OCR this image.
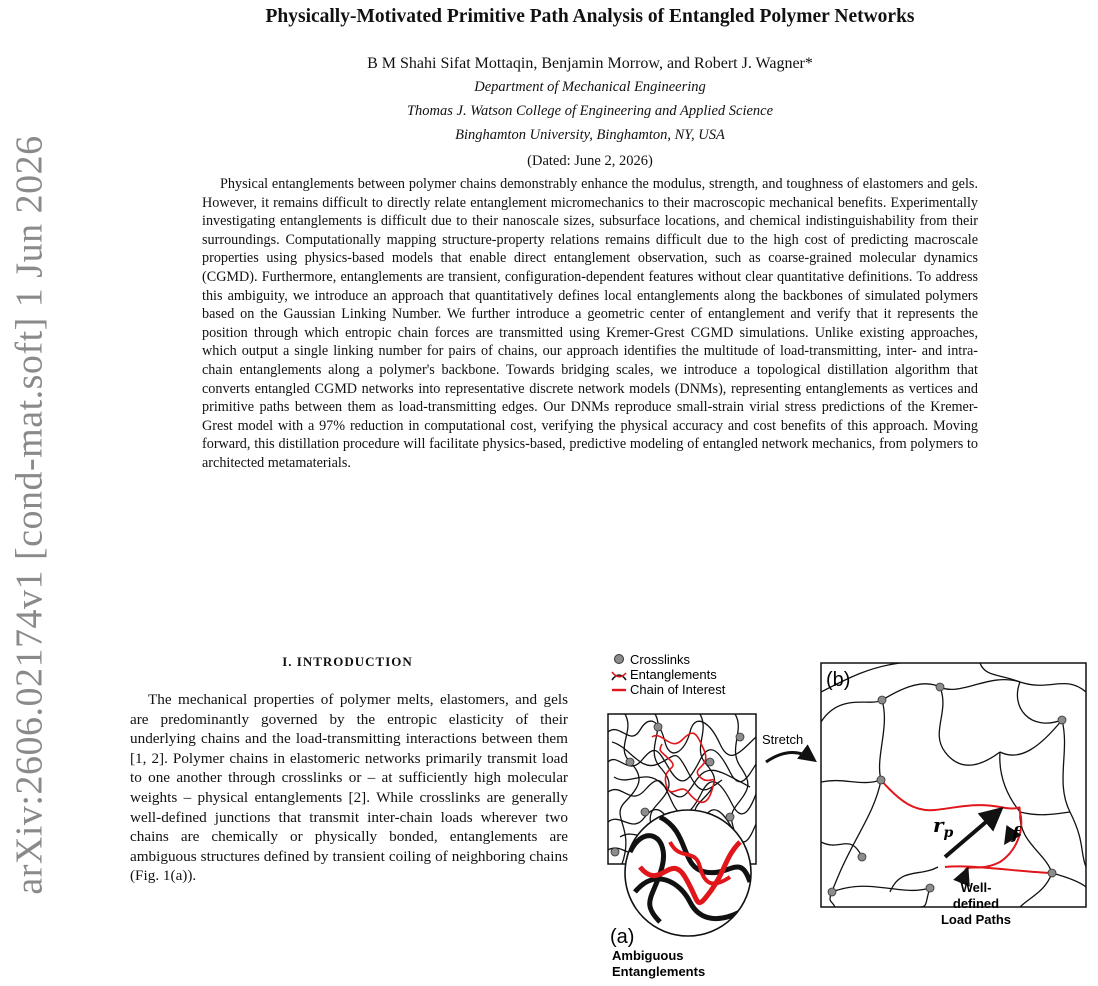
arXiv:2606.02174v1 [cond-mat.soft] 1 Jun 2026
Physically-Motivated Primitive Path Analysis of Entangled Polymer Networks
B M Shahi Sifat Mottaqin, Benjamin Morrow, and Robert J. Wagner*
Department of Mechanical Engineering
Thomas J. Watson College of Engineering and Applied Science
Binghamton University, Binghamton, NY, USA
(Dated: June 2, 2026)

Physical entanglements between polymer chains demonstrably enhance the modulus, strength, and toughness of elastomers and gels. However, it remains difficult to directly relate entanglement micromechanics to their macroscopic mechanical benefits. Experimentally investigating entanglements is difficult due to their nanoscale sizes, subsurface locations, and chemical indistinguishability from their surroundings. Computationally mapping structure-property relations remains difficult due to the high cost of predicting macroscale properties using physics-based models that enable direct entanglement observation, such as coarse-grained molecular dynamics (CGMD). Furthermore, entanglements are transient, configuration-dependent features without clear quantitative definitions. To address this ambiguity, we introduce an approach that quantitatively defines local entanglements along the backbones of simulated polymers based on the Gaussian Linking Number. We further introduce a geometric center of entanglement and verify that it represents the position through which entropic chain forces are transmitted using Kremer-Grest CGMD simulations. Unlike existing approaches, which output a single linking number for pairs of chains, our approach identifies the multitude of load-transmitting, inter- and intra-chain entanglements along a polymer's backbone. Towards bridging scales, we introduce a topological distillation algorithm that converts entangled CGMD networks into representative discrete network models (DNMs), representing entanglements as vertices and primitive paths between them as load-transmitting edges. Our DNMs reproduce small-strain virial stress predictions of the Kremer-Grest model with a 97% reduction in computational cost, verifying the physical accuracy and cost benefits of this approach. Moving forward, this distillation procedure will facilitate physics-based, predictive modeling of entangled network mechanics, from polymers to architected metamaterials.

I. INTRODUCTION

The mechanical properties of polymer melts, elastomers, and gels are predominantly governed by the entropic elasticity of their underlying chains and the load-transmitting interactions between them [1, 2]. Polymer chains in elastomeric networks primarily transmit load to one another through crosslinks or – at sufficiently high molecular weights – physical entanglements [2]. While crosslinks are generally well-defined junctions that transmit inter-chain loads wherever two chains are chemically or physically bonded, entanglements are ambiguous structures defined by transient coiling of neighboring chains (Fig. 1(a)).

Crosslinks
Entanglements
Chain of Interest
(a)
Ambiguous
Entanglements
Stretch
(b)
$r_p$	f
Well-
defined
Load Paths
